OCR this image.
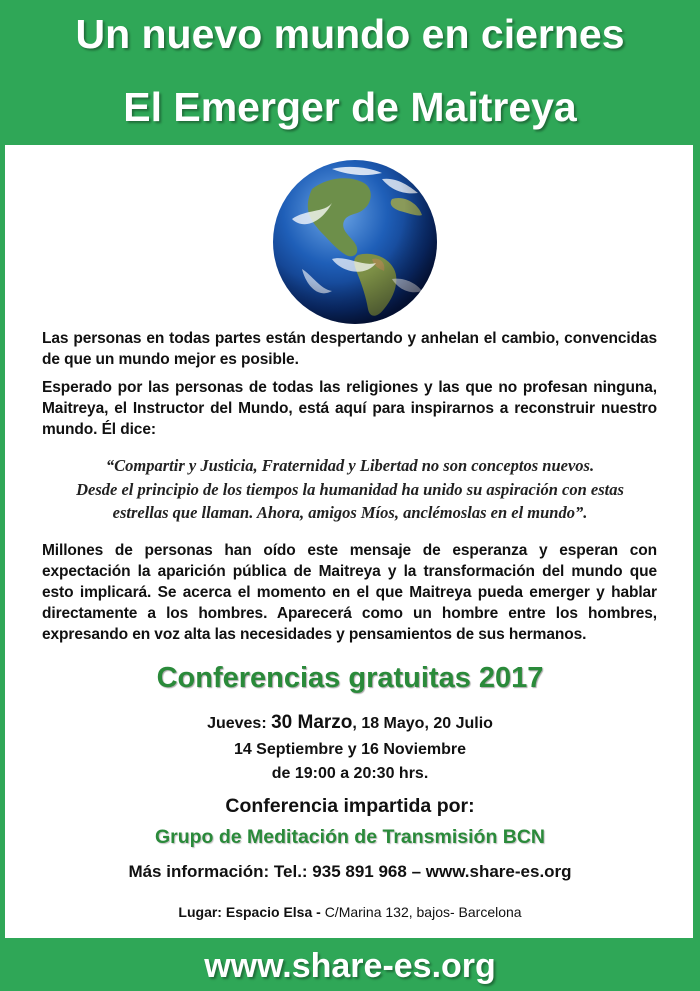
Un nuevo mundo en ciernes
El Emerger de Maitreya
Las personas en todas partes están despertando y anhelan el cambio, convencidas de que un mundo mejor es posible.
Esperado por las personas de todas las religiones y las que no profesan ninguna, Maitreya, el Instructor del Mundo, está aquí para inspirarnos a reconstruir nuestro mundo. Él dice:
“Compartir y Justicia, Fraternidad y Libertad no son conceptos nuevos.
Desde el principio de los tiempos la humanidad ha unido su aspiración con estas
estrellas que llaman. Ahora, amigos Míos, anclémoslas en el mundo”.
Millones de personas han oído este mensaje de esperanza y esperan con expectación la aparición pública de Maitreya y la transformación del mundo que esto implicará. Se acerca el momento en el que Maitreya pueda emerger y hablar directamente a los hombres. Aparecerá como un hombre entre los hombres, expresando en voz alta las necesidades y pensamientos de sus hermanos.
Conferencias gratuitas 2017
Jueves: 30 Marzo, 18 Mayo, 20 Julio
14 Septiembre y 16 Noviembre
de 19:00 a 20:30 hrs.
Conferencia impartida por:
Grupo de Meditación de Transmisión BCN
Más información: Tel.: 935 891 968 – www.share-es.org
Lugar: Espacio Elsa - C/Marina 132, bajos- Barcelona
www.share-es.org
